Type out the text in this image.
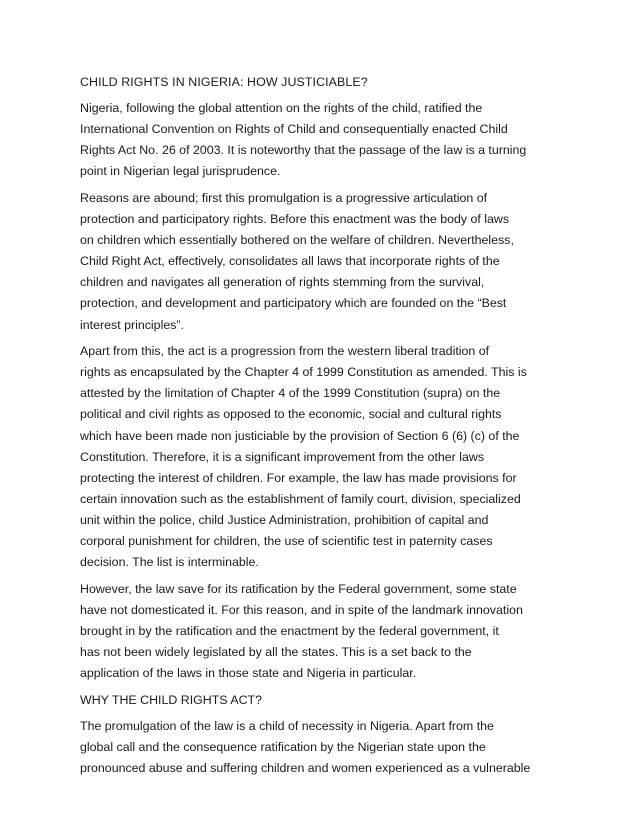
CHILD RIGHTS IN NIGERIA: HOW JUSTICIABLE?
Nigeria, following the global attention on the rights of the child, ratified the
International Convention on Rights of Child and consequentially enacted Child
Rights Act No. 26 of 2003. It is noteworthy that the passage of the law is a turning
point in Nigerian legal jurisprudence.
Reasons are abound; first this promulgation is a progressive articulation of
protection and participatory rights. Before this enactment was the body of laws
on children which essentially bothered on the welfare of children. Nevertheless,
Child Right Act, effectively, consolidates all laws that incorporate rights of the
children and navigates all generation of rights stemming from the survival,
protection, and development and participatory which are founded on the “Best
interest principles”.
Apart from this, the act is a progression from the western liberal tradition of
rights as encapsulated by the Chapter 4 of 1999 Constitution as amended. This is
attested by the limitation of Chapter 4 of the 1999 Constitution (supra) on the
political and civil rights as opposed to the economic, social and cultural rights
which have been made non justiciable by the provision of Section 6 (6) (c) of the
Constitution. Therefore, it is a significant improvement from the other laws
protecting the interest of children. For example, the law has made provisions for
certain innovation such as the establishment of family court, division, specialized
unit within the police, child Justice Administration, prohibition of capital and
corporal punishment for children, the use of scientific test in paternity cases
decision. The list is interminable.
However, the law save for its ratification by the Federal government, some state
have not domesticated it. For this reason, and in spite of the landmark innovation
brought in by the ratification and the enactment by the federal government, it
has not been widely legislated by all the states. This is a set back to the
application of the laws in those state and Nigeria in particular.
WHY THE CHILD RIGHTS ACT?
The promulgation of the law is a child of necessity in Nigeria. Apart from the
global call and the consequence ratification by the Nigerian state upon the
pronounced abuse and suffering children and women experienced as a vulnerable
